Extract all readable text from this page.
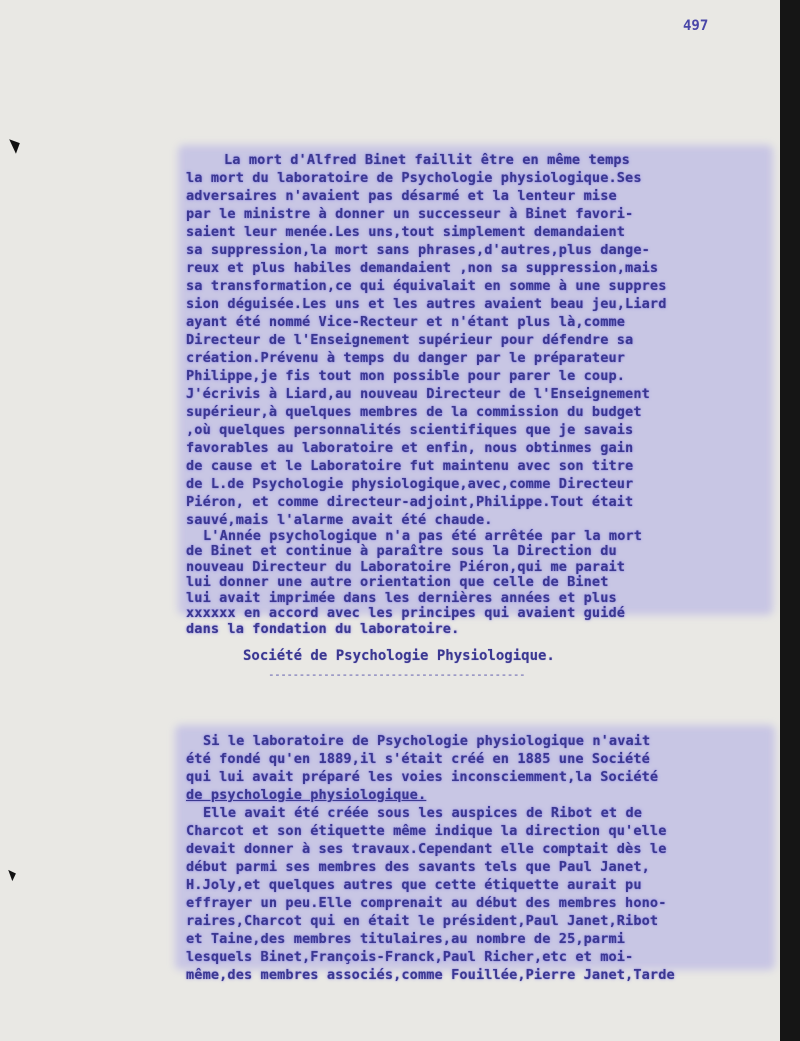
497
La mort d'Alfred Binet faillit être en même temps
la mort du laboratoire de Psychologie physiologique.Ses
adversaires n'avaient pas désarmé et la lenteur mise
par le ministre à donner un successeur à Binet favori-
saient leur menée.Les uns,tout simplement demandaient
sa suppression,la mort sans phrases,d'autres,plus dange-
reux et plus habiles demandaient ,non sa suppression,mais
sa transformation,ce qui équivalait en somme à une suppres
sion déguisée.Les uns et les autres avaient beau jeu,Liard
ayant été nommé Vice-Recteur et n'étant plus là,comme
Directeur de l'Enseignement supérieur pour défendre sa
création.Prévenu à temps du danger par le préparateur
Philippe,je fis tout mon possible pour parer le coup.
J'écrivis à Liard,au nouveau Directeur de l'Enseignement
supérieur,à quelques membres de la commission du budget
,où quelques personnalités scientifiques que je savais
favorables au laboratoire et enfin, nous obtinmes gain
de cause et le Laboratoire fut maintenu avec son titre
de L.de Psychologie physiologique,avec,comme Directeur
Piéron, et comme directeur-adjoint,Philippe.Tout était
sauvé,mais l'alarme avait été chaude.
L'Année psychologique n'a pas été arrêtée par la mort
de Binet et continue à paraître sous la Direction du
nouveau Directeur du Laboratoire Piéron,qui me parait
lui donner une autre orientation que celle de Binet
lui avait imprimée dans les dernières années et plus
xxxxxx en accord avec les principes qui avaient guidé
dans la fondation du laboratoire.
Société de Psychologie Physiologique.
------------------------------------------
Si le laboratoire de Psychologie physiologique n'avait
été fondé qu'en 1889,il s'était créé en 1885 une Société
qui lui avait préparé les voies inconsciemment,la Société
de psychologie physiologique.
Elle avait été créée sous les auspices de Ribot et de
Charcot et son étiquette même indique la direction qu'elle
devait donner à ses travaux.Cependant elle comptait dès le
début parmi ses membres des savants tels que Paul Janet,
H.Joly,et quelques autres que cette étiquette aurait pu
effrayer un peu.Elle comprenait au début des membres hono-
raires,Charcot qui en était le président,Paul Janet,Ribot
et Taine,des membres titulaires,au nombre de 25,parmi
lesquels Binet,François-Franck,Paul Richer,etc et moi-
même,des membres associés,comme Fouillée,Pierre Janet,Tarde
